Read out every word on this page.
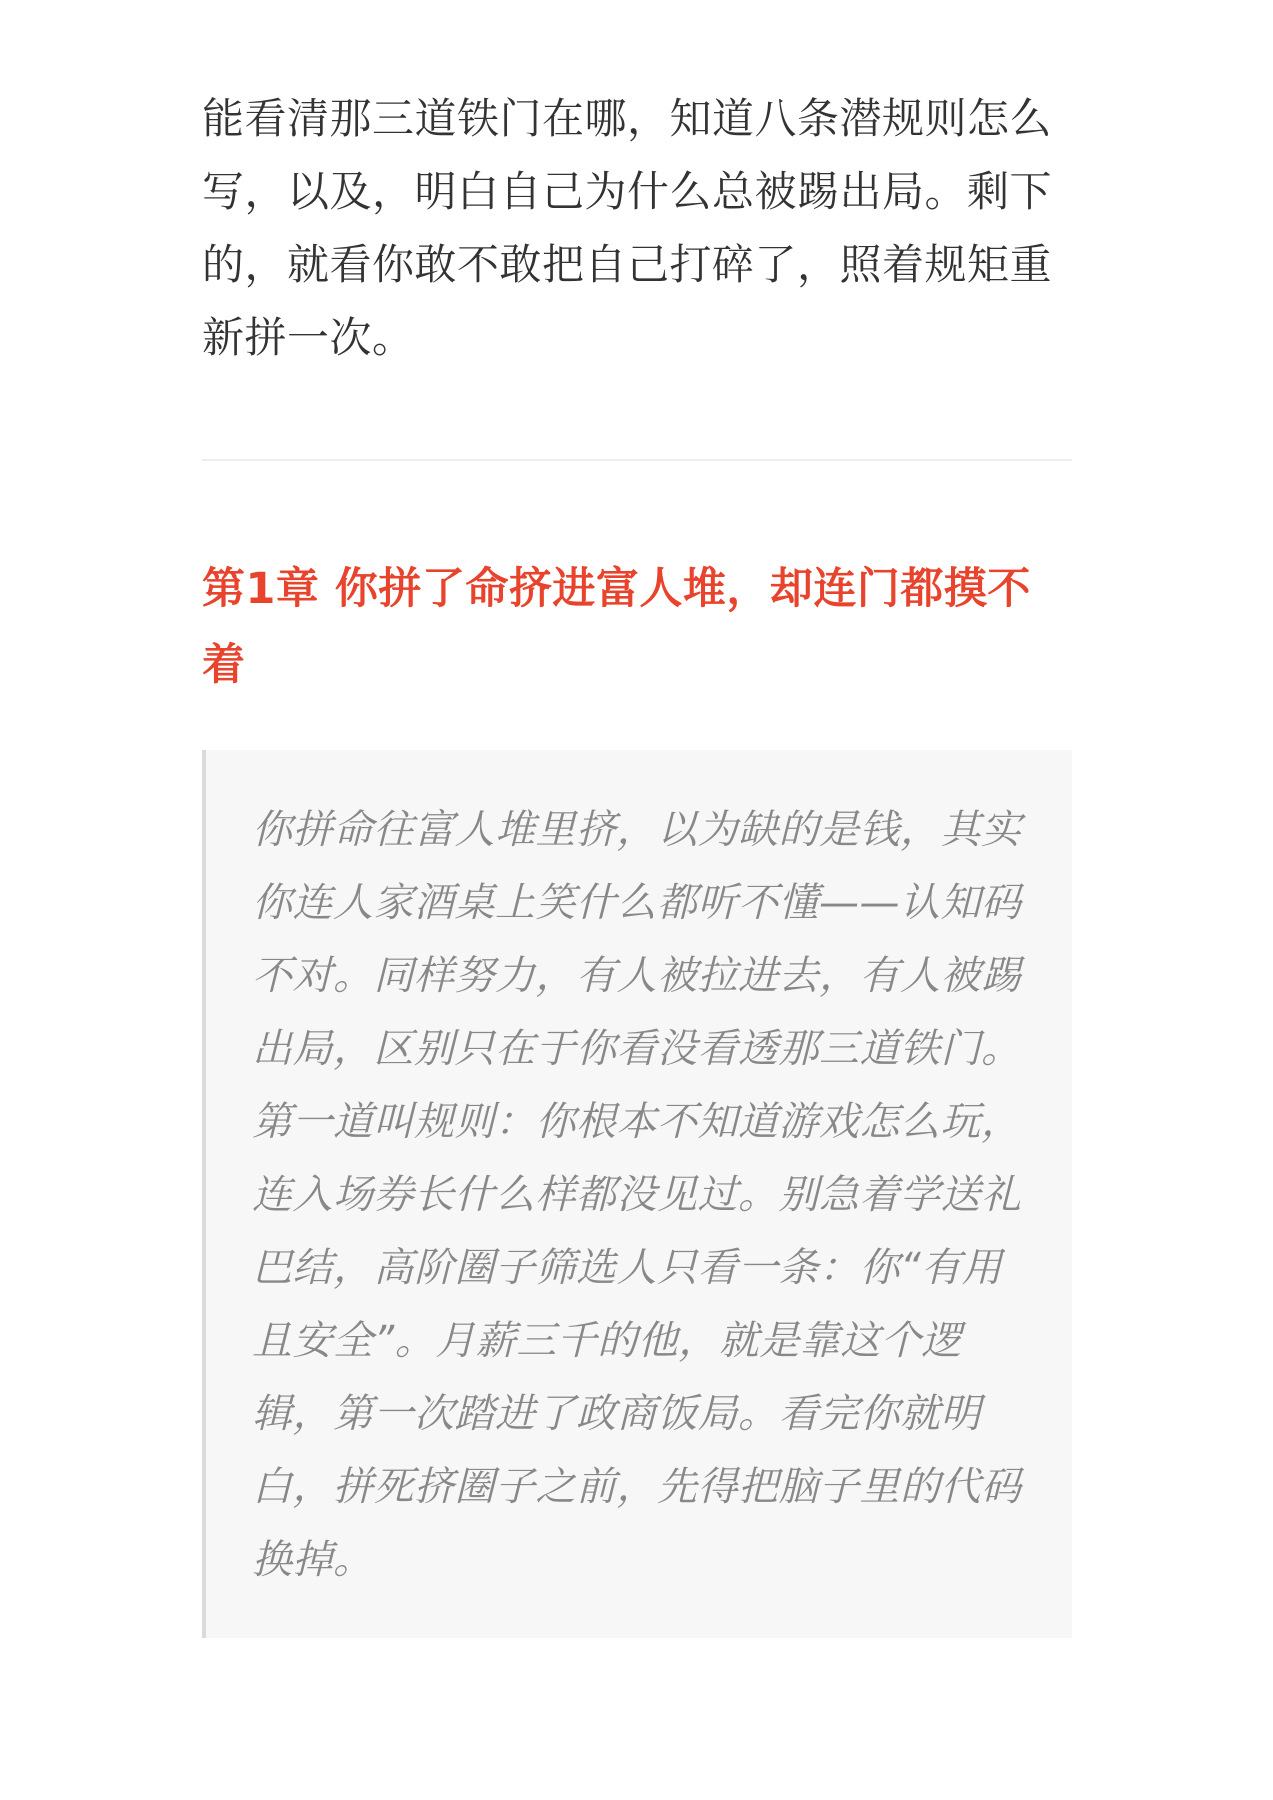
能看清那三道铁门在哪，知道八条潜规则怎么写，以及，明白自己为什么总被踢出局。剩下的，就看你敢不敢把自己打碎了，照着规矩重新拼一次。

第1章 你拼了命挤进富人堆，却连门都摸不着

你拼命往富人堆里挤，以为缺的是钱，其实你连人家酒桌上笑什么都听不懂——认知码不对。同样努力，有人被拉进去，有人被踢出局，区别只在于你看没看透那三道铁门。第一道叫规则：你根本不知道游戏怎么玩，连入场券长什么样都没见过。别急着学送礼巴结，高阶圈子筛选人只看一条：你“有用且安全”。月薪三千的他，就是靠这个逻辑，第一次踏进了政商饭局。看完你就明白，拼死挤圈子之前，先得把脑子里的代码换掉。
